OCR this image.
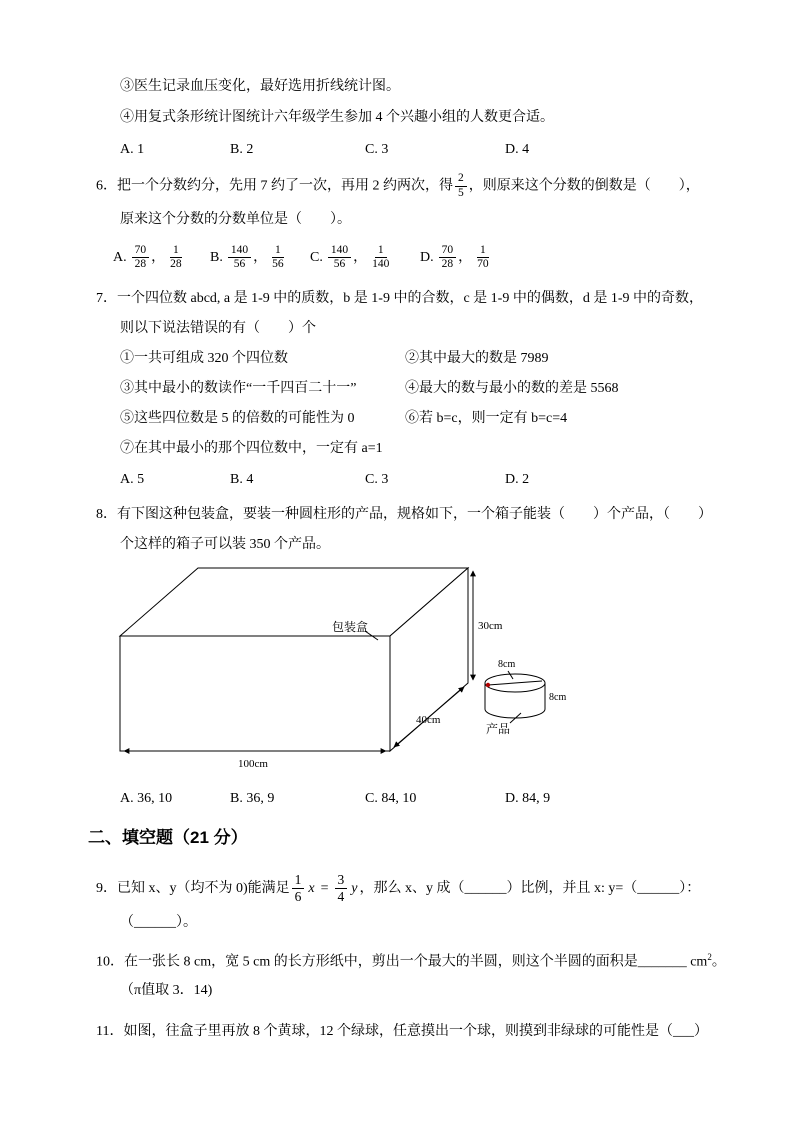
③医生记录血压变化，最好选用折线统计图。
④用复式条形统计图统计六年级学生参加 4 个兴趣小组的人数更合适。
A. 1	B. 2	C. 3	D. 4
6．把一个分数约分，先用 7 约了一次，再用 2 约两次，得 $\frac{2}{5}$ ，则原来这个分数的倒数是（　　），
原来这个分数的分数单位是（　　）。
A. $\frac{70}{28}$ ， $\frac{1}{28} B$. $\frac{140}{56}$ ， $\frac{1}{56} C$. $\frac{140}{56}$ ， $\frac{1}{140} D$. $\frac{70}{28}$ ， $\frac{1}{70}$
7．一个四位数 abcd, a 是 1-9 中的质数，b 是 1-9 中的合数，c 是 1-9 中的偶数，d 是 1-9 中的奇数，
则以下说法错误的有（　　）个
①一共可组成 320 个四位数	②其中最大的数是 7989
③其中最小的数读作“一千四百二十一”	④最大的数与最小的数的差是 5568
⑤这些四位数是 5 的倍数的可能性为 0	⑥若 b=c，则一定有 b=c=4
⑦在其中最小的那个四位数中，一定有 a=1
A. 5	B. 4	C. 3	D. 2
8．有下图这种包装盒，要装一种圆柱形的产品，规格如下，一个箱子能装（　　）个产品，（　　）
个这样的箱子可以装 350 个产品。
30cm
100cm
40cm
包装盒
8cm
8cm
产品
A. 36, 10	B. 36, 9	C. 84, 10	D. 84, 9
二、填空题（21 分）
9．已知 x、y（均不为 0)能满足 $\frac{1}{6}$ $x = \frac{3}{4}$ y ，那么 x、y 成（______）比例，并且 x: y=（______）：
（______）。
10．在一张长 8 cm，宽 5 cm 的长方形纸中，剪出一个最大的半圆，则这个半圆的面积是_______ $cm^2$。
（π值取 3．14)
11．如图，往盒子里再放 8 个黄球，12 个绿球，任意摸出一个球，则摸到非绿球的可能性是（___）
